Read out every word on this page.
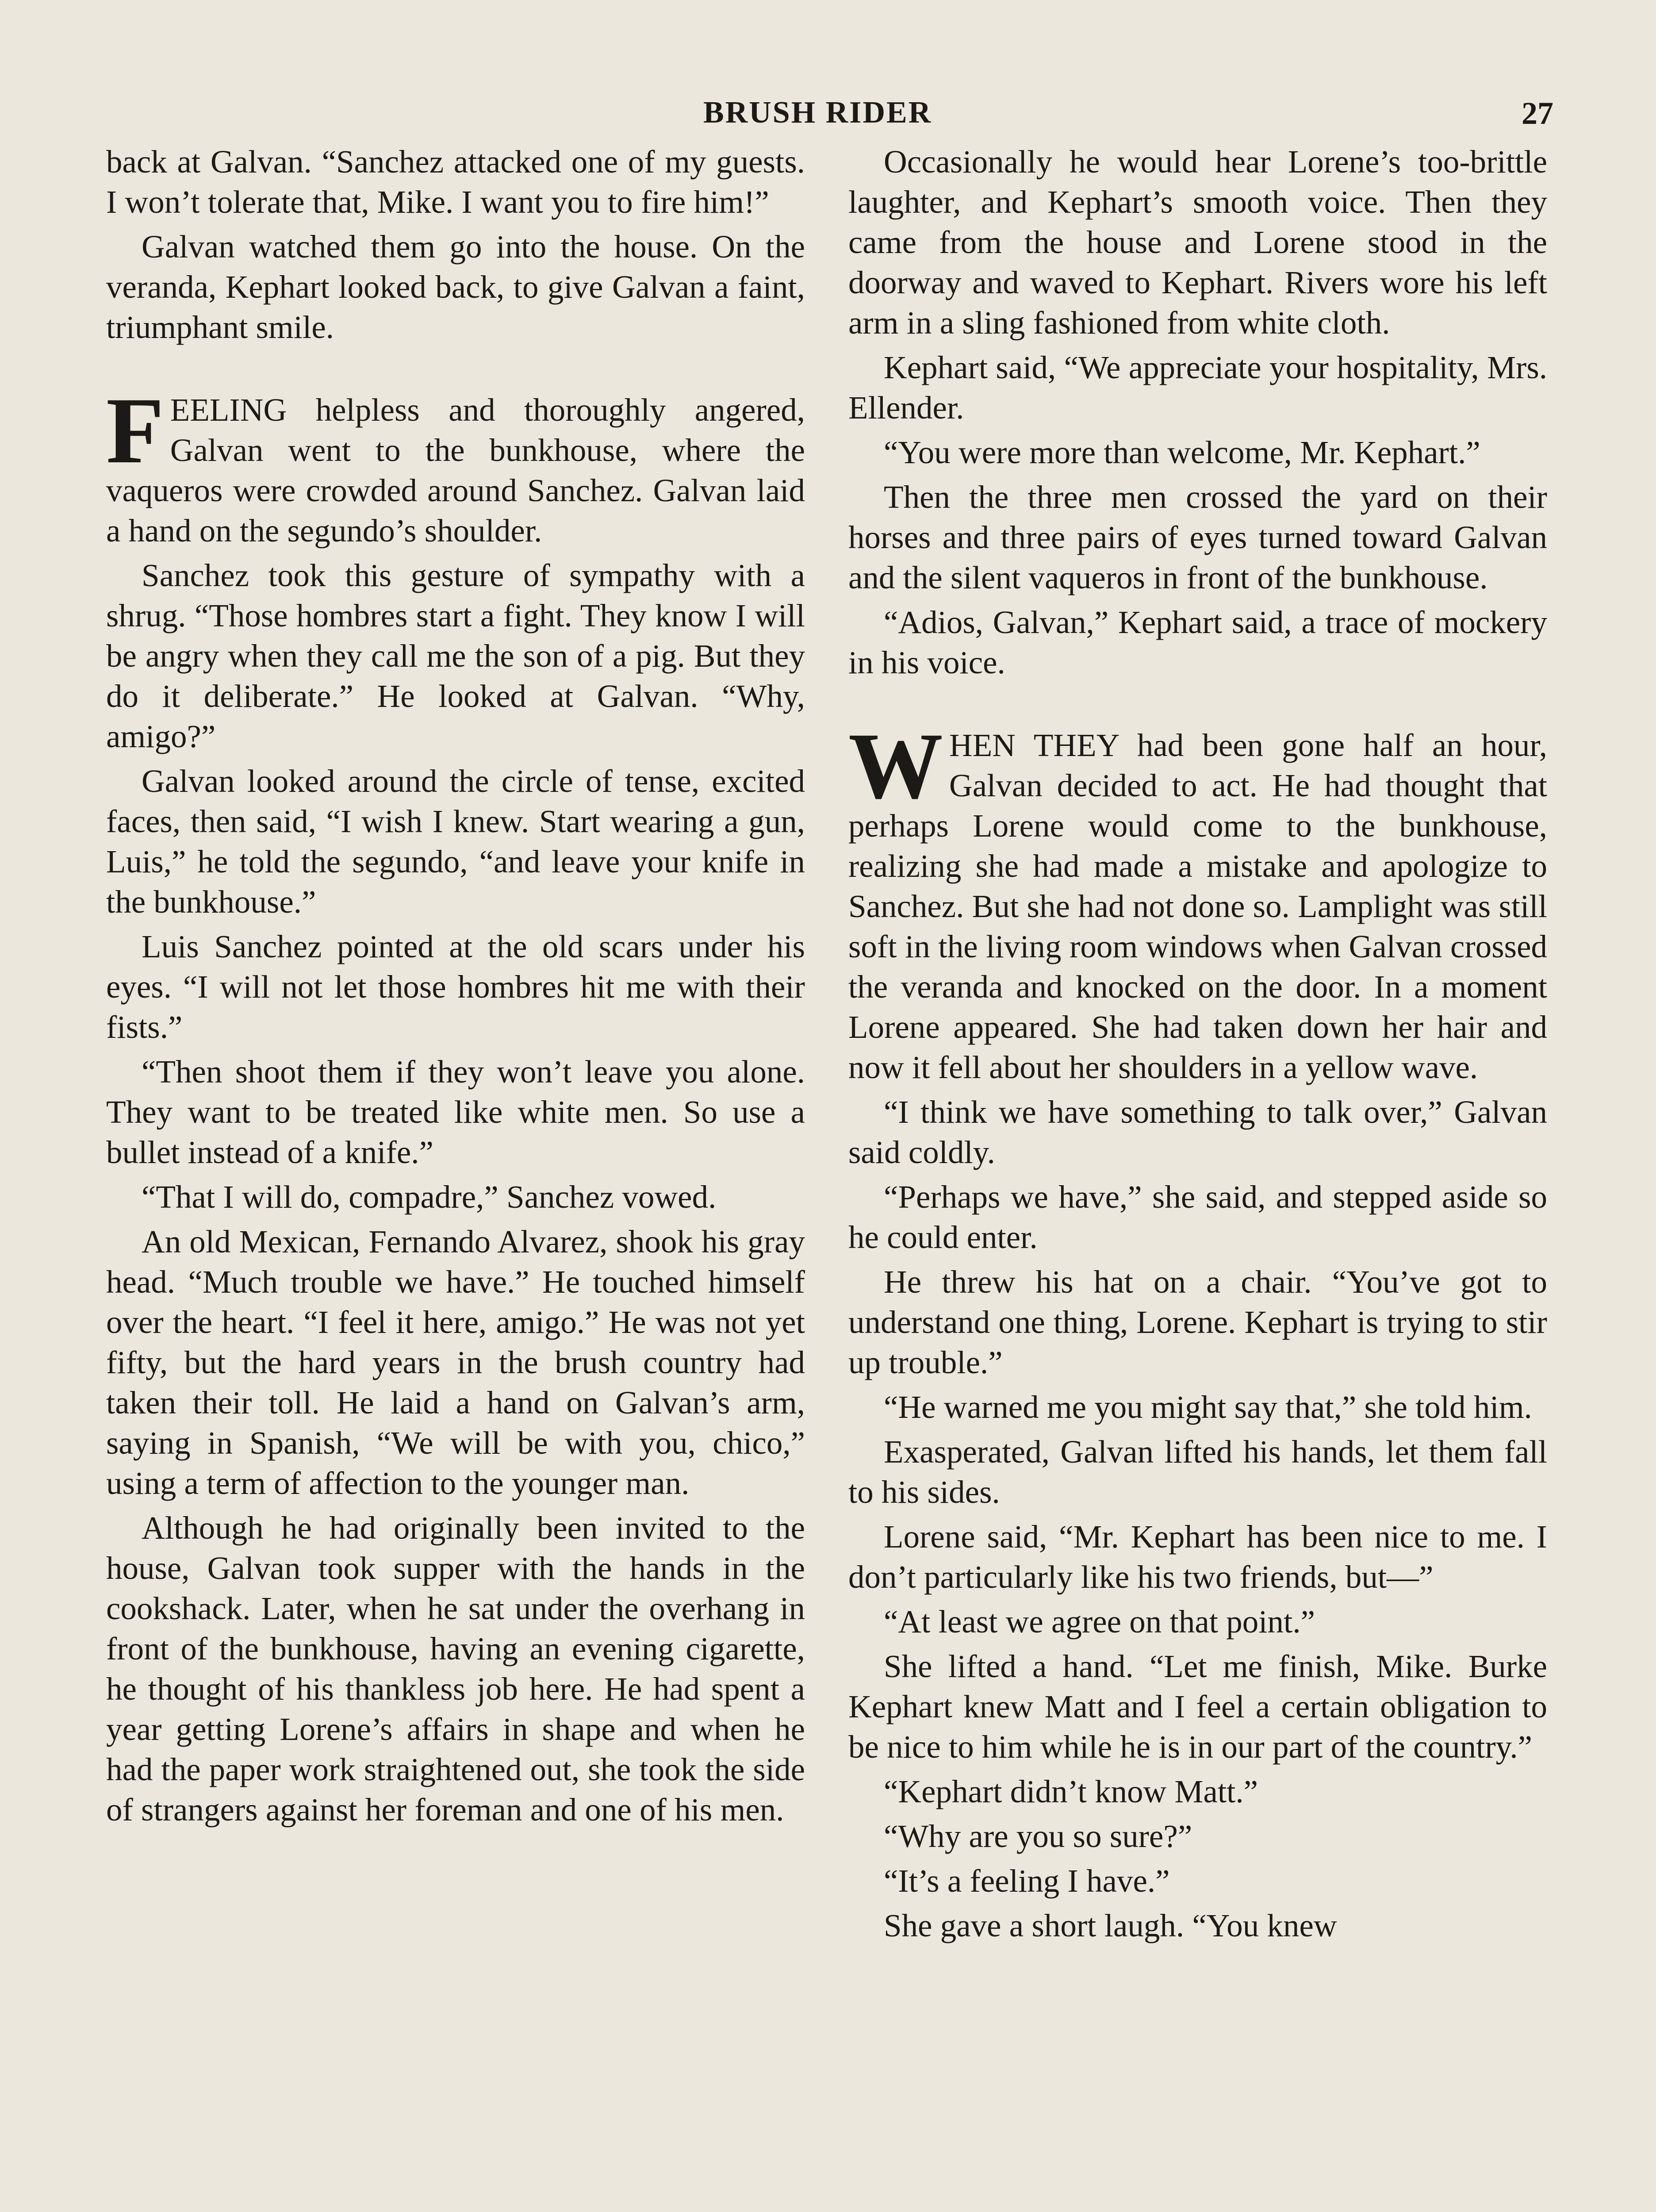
BRUSH RIDER	27

back at Galvan. “Sanchez attacked one of my guests. I won’t tolerate that, Mike. I want you to fire him!”

Galvan watched them go into the house. On the veranda, Kephart looked back, to give Galvan a faint, triumphant smile.

FEELING helpless and thoroughly angered, Galvan went to the bunkhouse, where the vaqueros were crowded around Sanchez. Galvan laid a hand on the segundo’s shoulder.

Sanchez took this gesture of sympathy with a shrug. “Those hombres start a fight. They know I will be angry when they call me the son of a pig. But they do it deliberate.” He looked at Galvan. “Why, amigo?”

Galvan looked around the circle of tense, excited faces, then said, “I wish I knew. Start wearing a gun, Luis,” he told the segundo, “and leave your knife in the bunkhouse.”

Luis Sanchez pointed at the old scars under his eyes. “I will not let those hombres hit me with their fists.”

“Then shoot them if they won’t leave you alone. They want to be treated like white men. So use a bullet instead of a knife.”

“That I will do, compadre,” Sanchez vowed.

An old Mexican, Fernando Alvarez, shook his gray head. “Much trouble we have.” He touched himself over the heart. “I feel it here, amigo.” He was not yet fifty, but the hard years in the brush country had taken their toll. He laid a hand on Galvan’s arm, saying in Spanish, “We will be with you, chico,” using a term of affection to the younger man.

Although he had originally been invited to the house, Galvan took supper with the hands in the cookshack. Later, when he sat under the overhang in front of the bunkhouse, having an evening cigarette, he thought of his thankless job here. He had spent a year getting Lorene’s affairs in shape and when he had the paper work straightened out, she took the side of strangers against her foreman and one of his men.

Occasionally he would hear Lorene’s too-brittle laughter, and Kephart’s smooth voice. Then they came from the house and Lorene stood in the doorway and waved to Kephart. Rivers wore his left arm in a sling fashioned from white cloth.

Kephart said, “We appreciate your hospitality, Mrs. Ellender.

“You were more than welcome, Mr. Kephart.”

Then the three men crossed the yard on their horses and three pairs of eyes turned toward Galvan and the silent vaqueros in front of the bunkhouse.

“Adios, Galvan,” Kephart said, a trace of mockery in his voice.

WHEN THEY had been gone half an hour, Galvan decided to act. He had thought that perhaps Lorene would come to the bunkhouse, realizing she had made a mistake and apologize to Sanchez. But she had not done so. Lamplight was still soft in the living room windows when Galvan crossed the veranda and knocked on the door. In a moment Lorene appeared. She had taken down her hair and now it fell about her shoulders in a yellow wave.

“I think we have something to talk over,” Galvan said coldly.

“Perhaps we have,” she said, and stepped aside so he could enter.

He threw his hat on a chair. “You’ve got to understand one thing, Lorene. Kephart is trying to stir up trouble.”

“He warned me you might say that,” she told him.

Exasperated, Galvan lifted his hands, let them fall to his sides.

Lorene said, “Mr. Kephart has been nice to me. I don’t particularly like his two friends, but—”

“At least we agree on that point.”

She lifted a hand. “Let me finish, Mike. Burke Kephart knew Matt and I feel a certain obligation to be nice to him while he is in our part of the country.”

“Kephart didn’t know Matt.”

“Why are you so sure?”

“It’s a feeling I have.”

She gave a short laugh. “You knew
